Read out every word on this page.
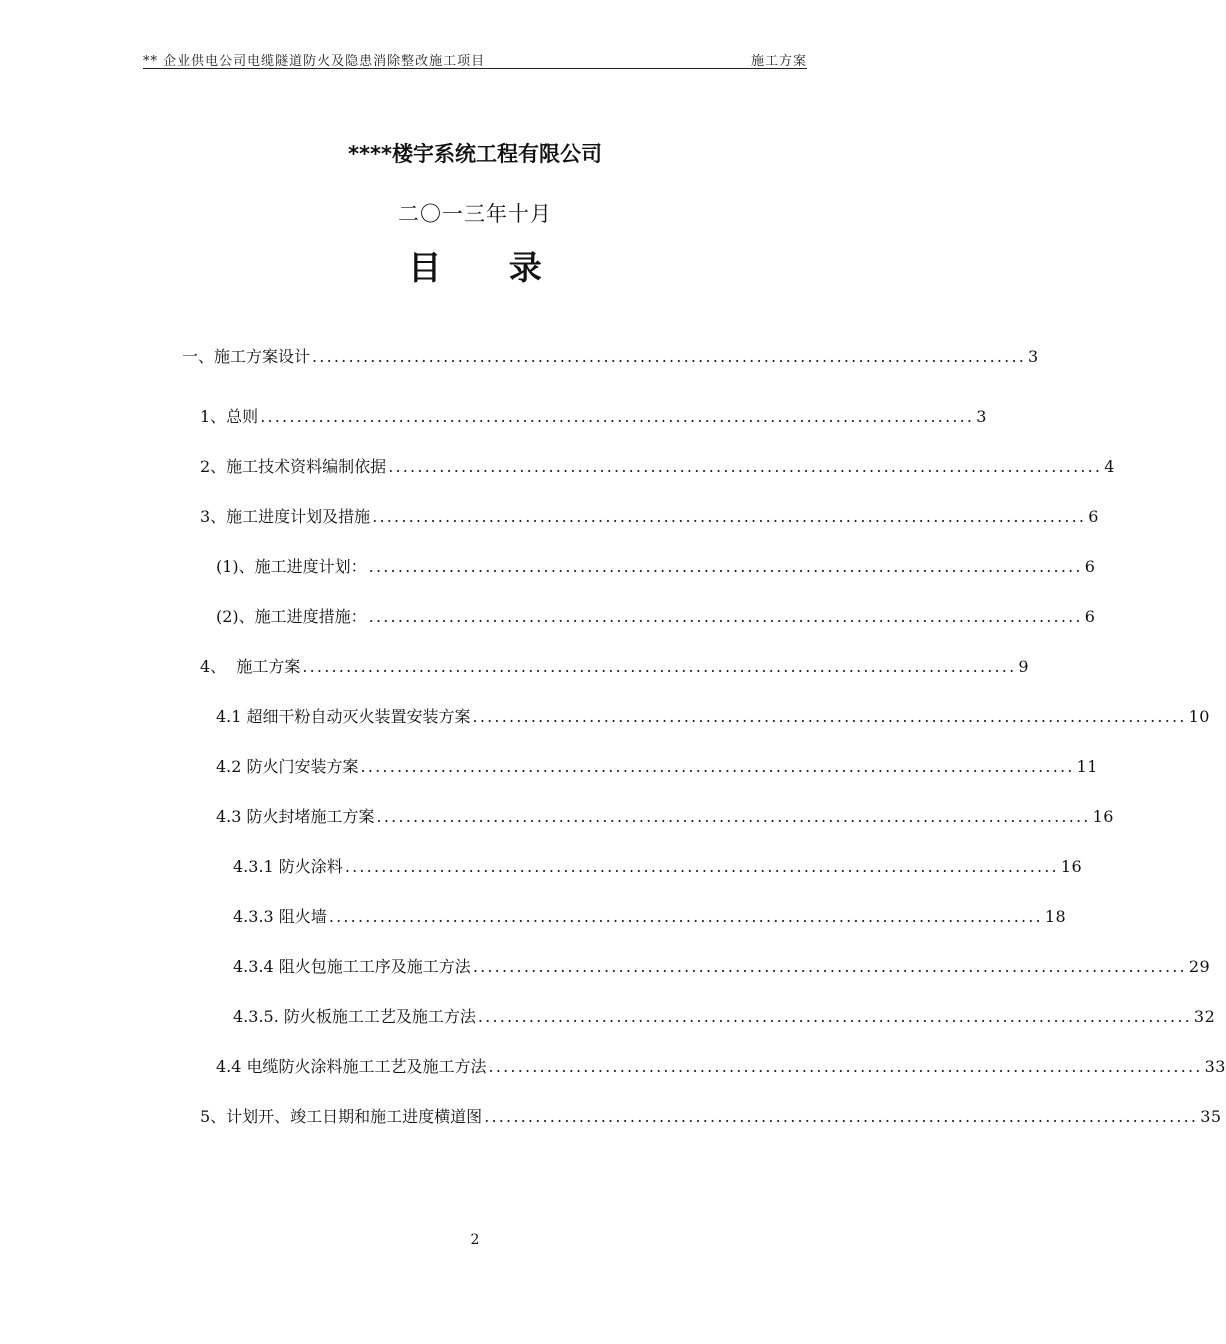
** 企业供电公司电缆隧道防火及隐患消除整改施工项目	施工方案
****楼宇系统工程有限公司
二〇一三年十月
目 录
一、施工方案设计 .................................................................................................. 3
1、总则 .................................................................................................. 3
2、施工技术资料编制依据 .................................................................................................. 4
3、施工进度计划及措施 .................................................................................................. 6
(1)、施工进度计划： .................................................................................................. 6
(2)、施工进度措施： .................................................................................................. 6
4、  施工方案 .................................................................................................. 9
4.1 超细干粉自动灭火装置安装方案 .................................................................................................. 10
4.2 防火门安装方案 .................................................................................................. 11
4.3 防火封堵施工方案 .................................................................................................. 16
4.3.1 防火涂料 .................................................................................................. 16
4.3.3 阻火墙 .................................................................................................. 18
4.3.4 阻火包施工工序及施工方法 .................................................................................................. 29
4.3.5. 防火板施工工艺及施工方法 .................................................................................................. 32
4.4 电缆防火涂料施工工艺及施工方法 .................................................................................................. 33
5、计划开、竣工日期和施工进度横道图 .................................................................................................. 35
2
